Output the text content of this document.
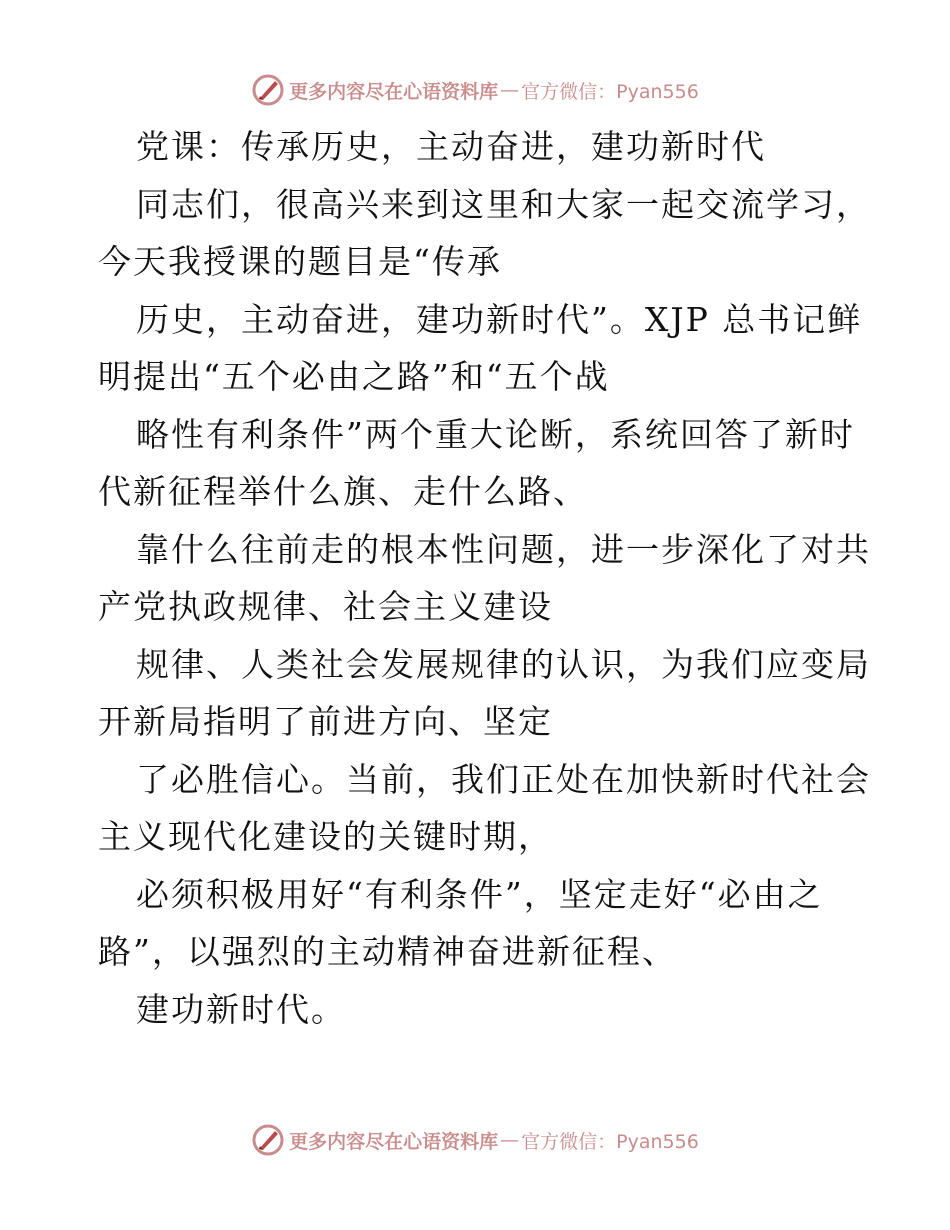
更多内容尽在心语资料库 — 官方微信：Pyan556
党课：传承历史，主动奋进，建功新时代
同志们，很高兴来到这里和大家一起交流学习，
今天我授课的题目是“传承
历史，主动奋进，建功新时代”。XJP 总书记鲜
明提出“五个必由之路”和“五个战
略性有利条件”两个重大论断，系统回答了新时
代新征程举什么旗、走什么路、
靠什么往前走的根本性问题，进一步深化了对共
产党执政规律、社会主义建设
规律、人类社会发展规律的认识，为我们应变局
开新局指明了前进方向、坚定
了必胜信心。当前，我们正处在加快新时代社会
主义现代化建设的关键时期，
必须积极用好“有利条件”，坚定走好“必由之
路”，以强烈的主动精神奋进新征程、
建功新时代。
更多内容尽在心语资料库 — 官方微信：Pyan556
